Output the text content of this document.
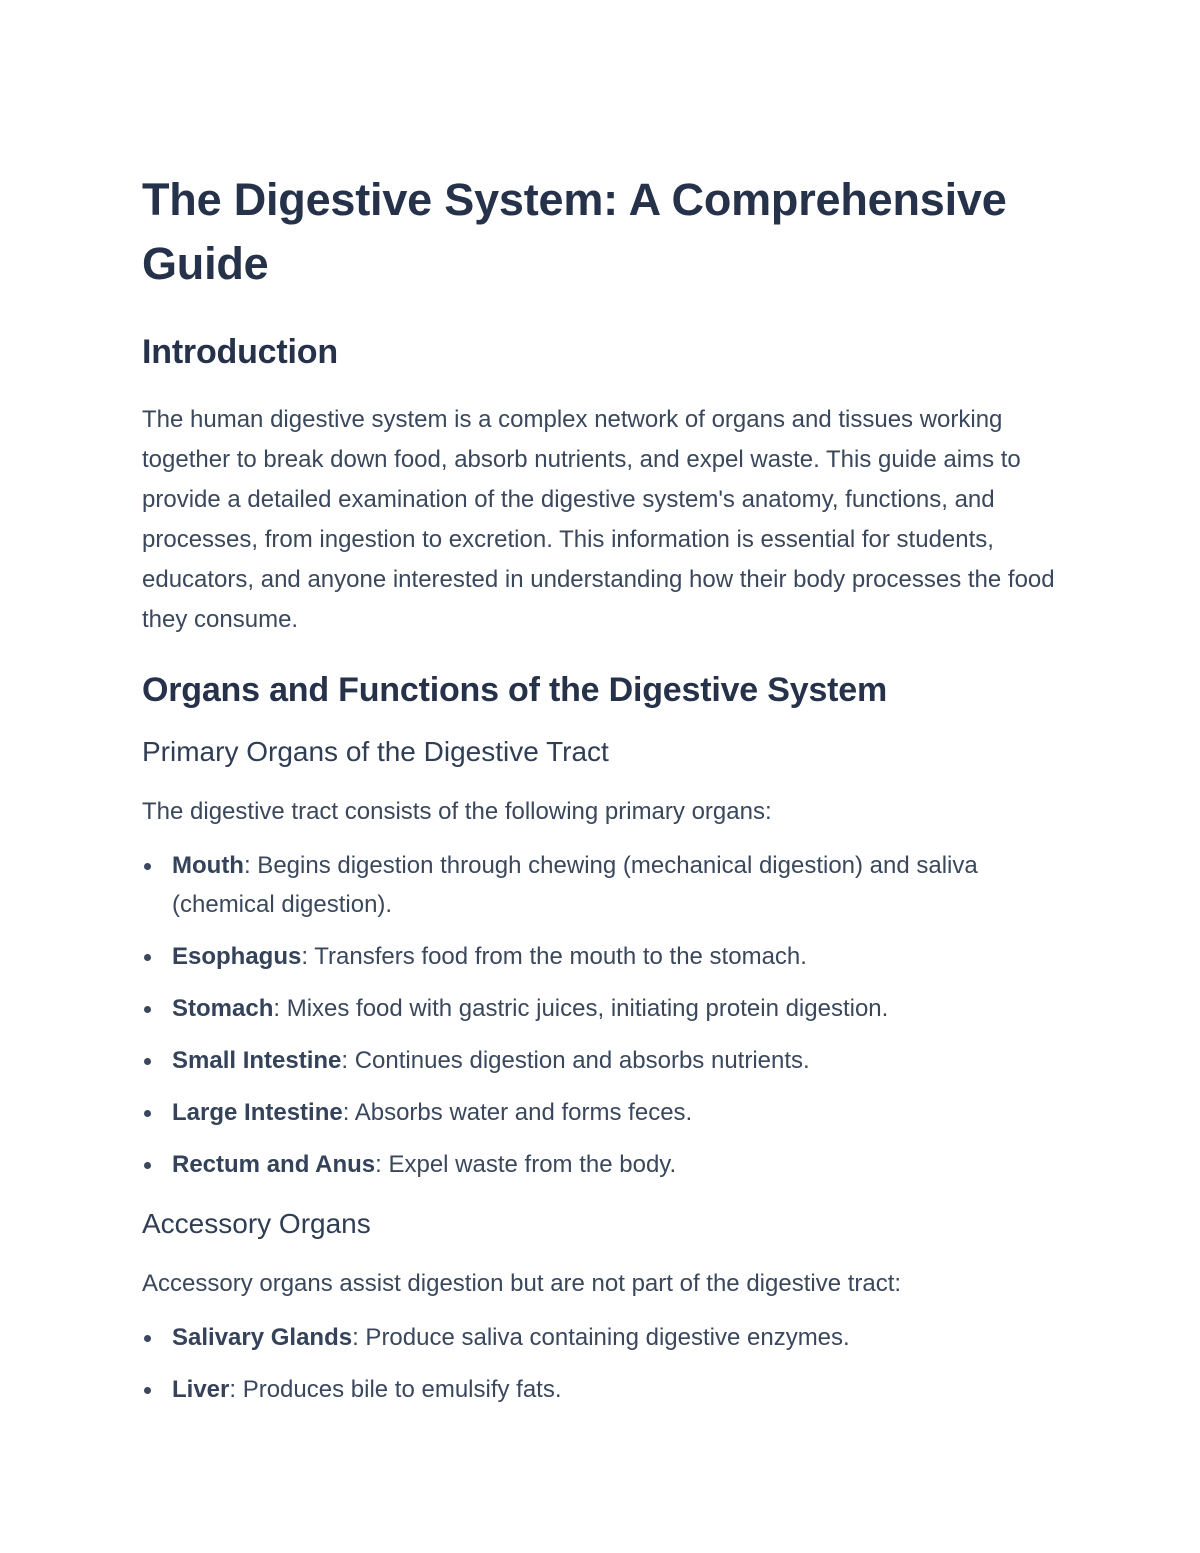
The Digestive System: A Comprehensive Guide
Introduction

The human digestive system is a complex network of organs and tissues working together to break down food, absorb nutrients, and expel waste. This guide aims to provide a detailed examination of the digestive system's anatomy, functions, and processes, from ingestion to excretion. This information is essential for students, educators, and anyone interested in understanding how their body processes the food they consume.

Organs and Functions of the Digestive System
Primary Organs of the Digestive Tract

The digestive tract consists of the following primary organs:

Mouth: Begins digestion through chewing (mechanical digestion) and saliva (chemical digestion).
Esophagus: Transfers food from the mouth to the stomach.
Stomach: Mixes food with gastric juices, initiating protein digestion.
Small Intestine: Continues digestion and absorbs nutrients.
Large Intestine: Absorbs water and forms feces.
Rectum and Anus: Expel waste from the body.
Accessory Organs

Accessory organs assist digestion but are not part of the digestive tract:

Salivary Glands: Produce saliva containing digestive enzymes.
Liver: Produces bile to emulsify fats.
